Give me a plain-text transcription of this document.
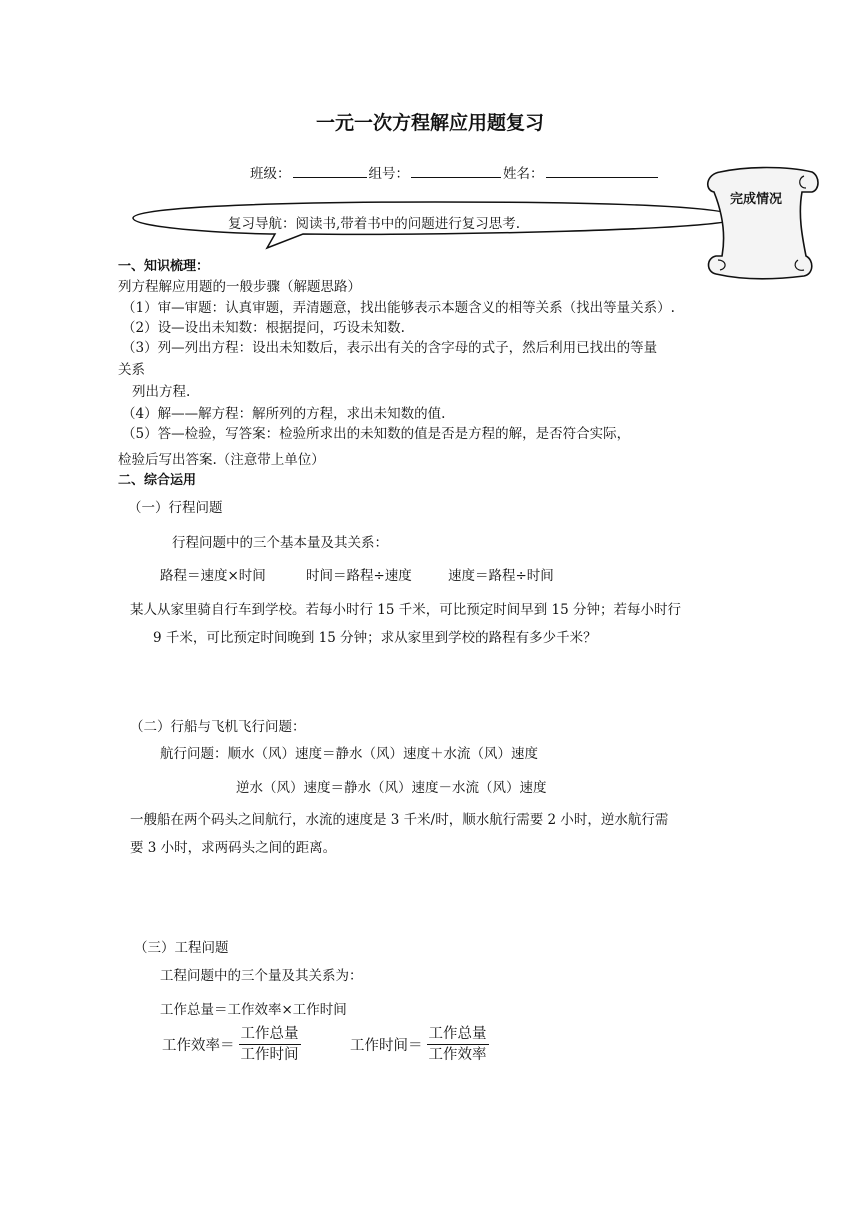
一元一次方程解应用题复习
班级：	组号：	姓名：
复习导航：阅读书,带着书中的问题进行复习思考.
完成情况
一、知识梳理：
列方程解应用题的一般步骤（解题思路）
（1）审—审题：认真审题，弄清题意，找出能够表示本题含义的相等关系（找出等量关系）.
（2）设—设出未知数：根据提问，巧设未知数.
（3）列—列出方程：设出未知数后，表示出有关的含字母的式子，然后利用已找出的等量
关系
列出方程.
（4）解——解方程：解所列的方程，求出未知数的值.
（5）答—检验，写答案：检验所求出的未知数的值是否是方程的解，是否符合实际，
检验后写出答案.（注意带上单位）
二、综合运用
（一）行程问题
行程问题中的三个基本量及其关系：
路程＝速度×时间	时间＝路程÷速度	速度＝路程÷时间
某人从家里骑自行车到学校。若每小时行 15 千米，可比预定时间早到 15 分钟；若每小时行
9 千米，可比预定时间晚到 15 分钟；求从家里到学校的路程有多少千米？
（二）行船与飞机飞行问题：
航行问题：顺水（风）速度＝静水（风）速度＋水流（风）速度
逆水（风）速度＝静水（风）速度－水流（风）速度
一艘船在两个码头之间航行，水流的速度是 3 千米/时，顺水航行需要 2 小时，逆水航行需
要 3 小时，求两码头之间的距离。
（三）工程问题
工程问题中的三个量及其关系为：
工作总量＝工作效率×工作时间
工作效率＝ $\frac{\text{工作总量}}{\text{工作时间}}$	工作时间＝ $\frac{\text{工作总量}}{\text{工作效率}}$
